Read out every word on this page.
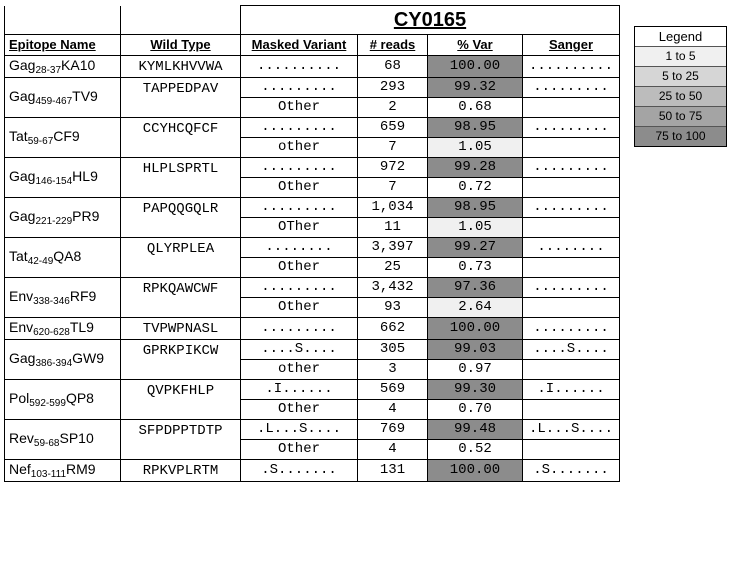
		CY0165			
Epitope Name	Wild Type	Masked Variant	# reads	% Var	Sanger
Gag$_{28-37}$KA10	KYMLKHVVWA	..........	68	100.00	..........
Gag$_{459-467}$TV9	TAPPEDPAV	.........	293	99.32	.........
		Other	2	0.68	
Tat$_{59-67}$CF9	CCYHCQFCF	.........	659	98.95	.........
		other	7	1.05	
Gag$_{146-154}$HL9	HLPLSPRTL	.........	972	99.28	.........
		Other	7	0.72	
Gag$_{221-229}$PR9	PAPQQGQLR	.........	1,034	98.95	.........
		OTher	11	1.05	
Tat$_{42-49}$QA8	QLYRPLEA	........	3,397	99.27	........
		Other	25	0.73	
Env$_{338-346}$RF9	RPKQAWCWF	.........	3,432	97.36	.........
		Other	93	2.64	
Env$_{620-628}$TL9	TVPWPNASL	.........	662	100.00	.........
Gag$_{386-394}$GW9	GPRKPIKCW	....S....	305	99.03	....S....
		other	3	0.97	
Pol$_{592-599}$QP8	QVPKFHLP	.I......	569	99.30	.I......
		Other	4	0.70	
Rev$_{59-68}$SP10	SFPDPPTDTP	.L...S....	769	99.48	.L...S....
		Other	4	0.52	
Nef$_{103-111}$RM9	RPKVPLRTM	.S.......	131	100.00	.S.......
Legend
1 to 5
5 to 25
25 to 50
50 to 75
75 to 100
